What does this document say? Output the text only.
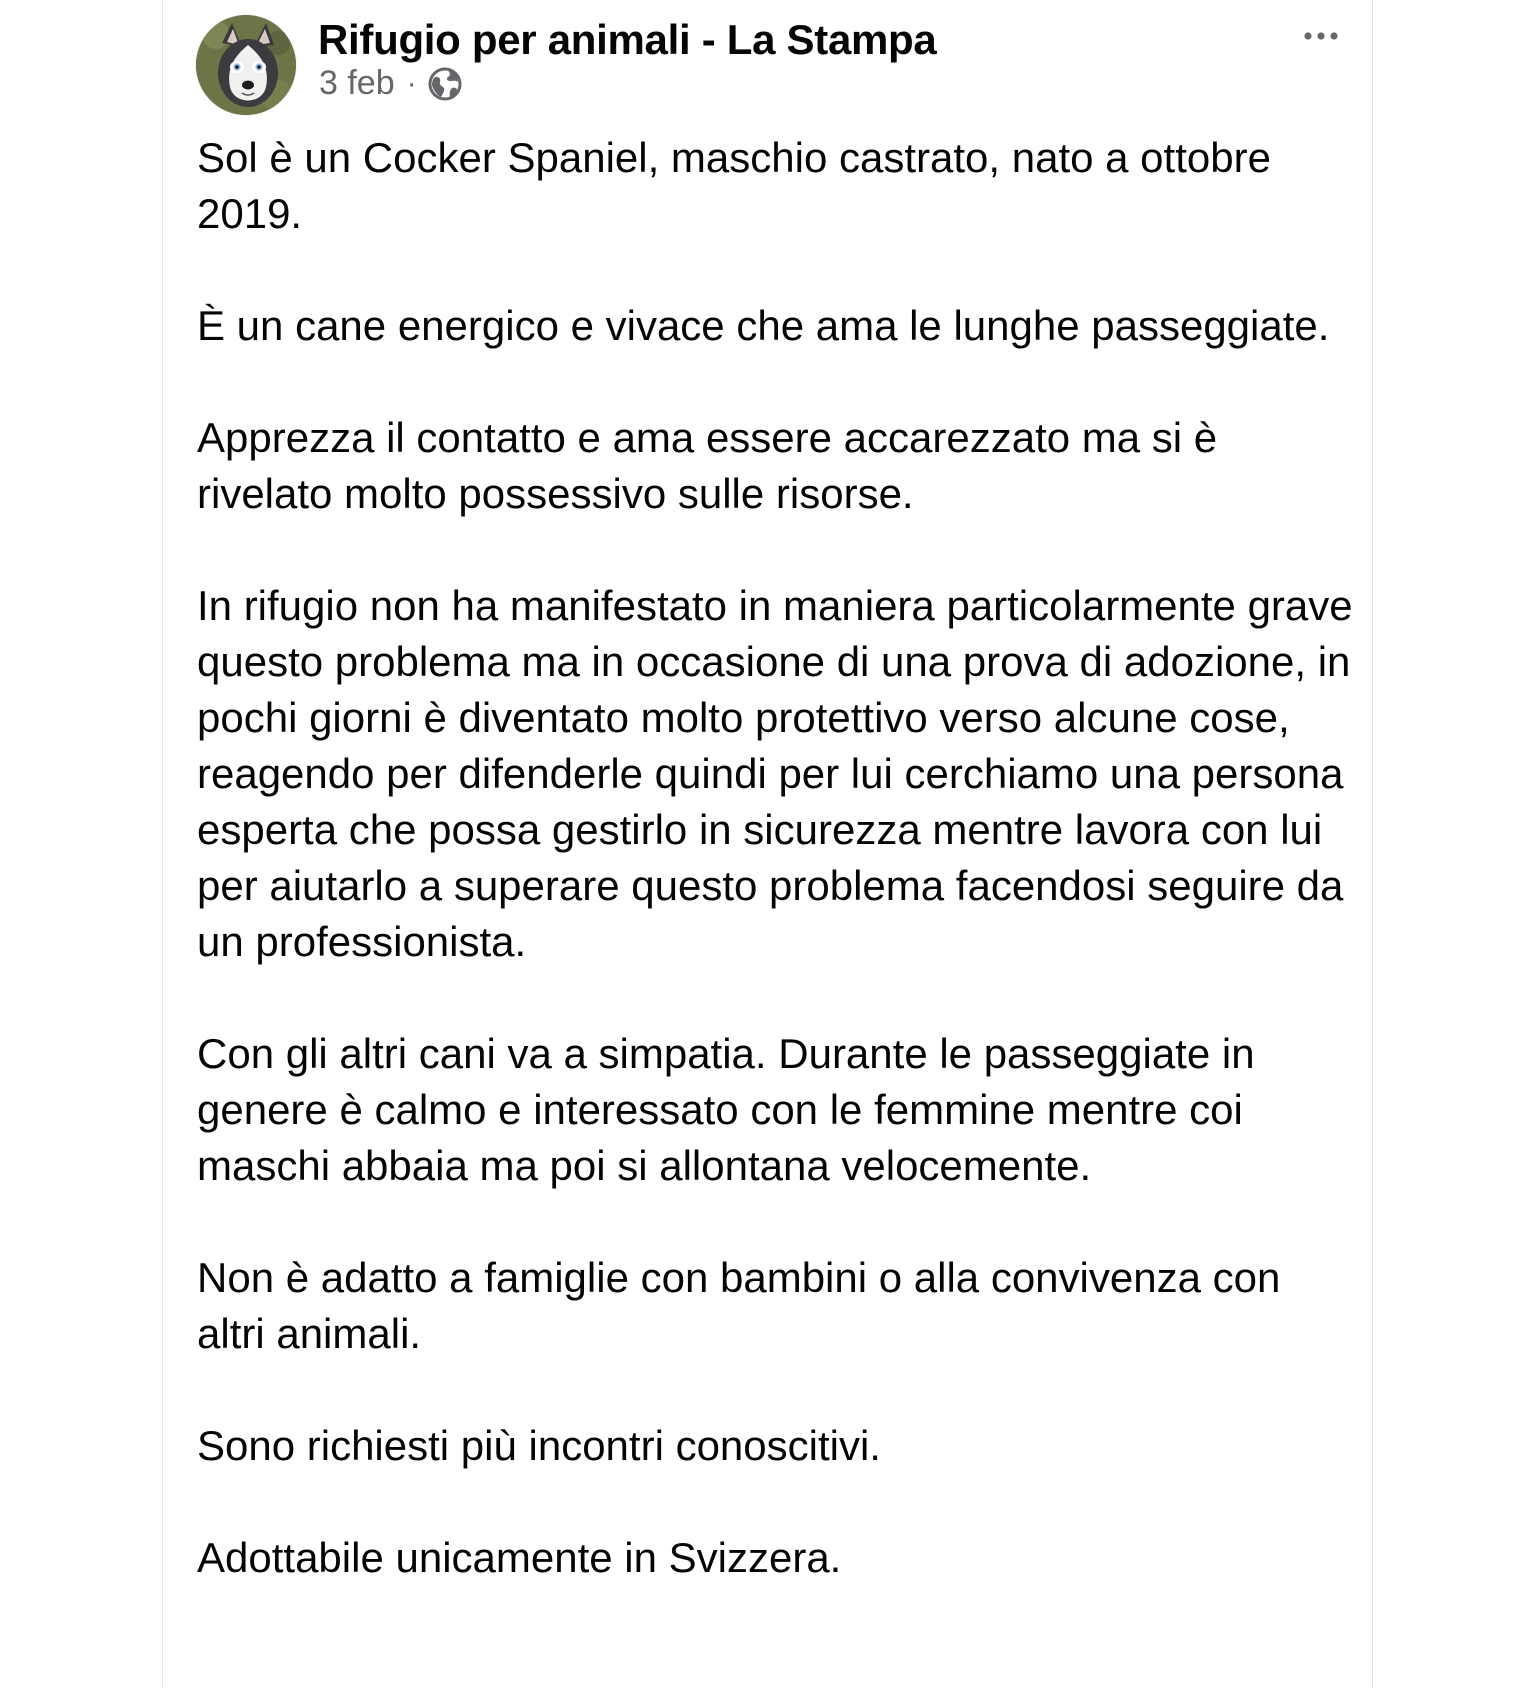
Rifugio per animali - La Stampa
3 feb ·

Sol è un Cocker Spaniel, maschio castrato, nato a ottobre 2019.

È un cane energico e vivace che ama le lunghe passeggiate.

Apprezza il contatto e ama essere accarezzato ma si è rivelato molto possessivo sulle risorse.

In rifugio non ha manifestato in maniera particolarmente grave questo problema ma in occasione di una prova di adozione, in pochi giorni è diventato molto protettivo verso alcune cose, reagendo per difenderle quindi per lui cerchiamo una persona esperta che possa gestirlo in sicurezza mentre lavora con lui per aiutarlo a superare questo problema facendosi seguire da un professionista.

Con gli altri cani va a simpatia. Durante le passeggiate in genere è calmo e interessato con le femmine mentre coi maschi abbaia ma poi si allontana velocemente.

Non è adatto a famiglie con bambini o alla convivenza con altri animali.

Sono richiesti più incontri conoscitivi.

Adottabile unicamente in Svizzera.
